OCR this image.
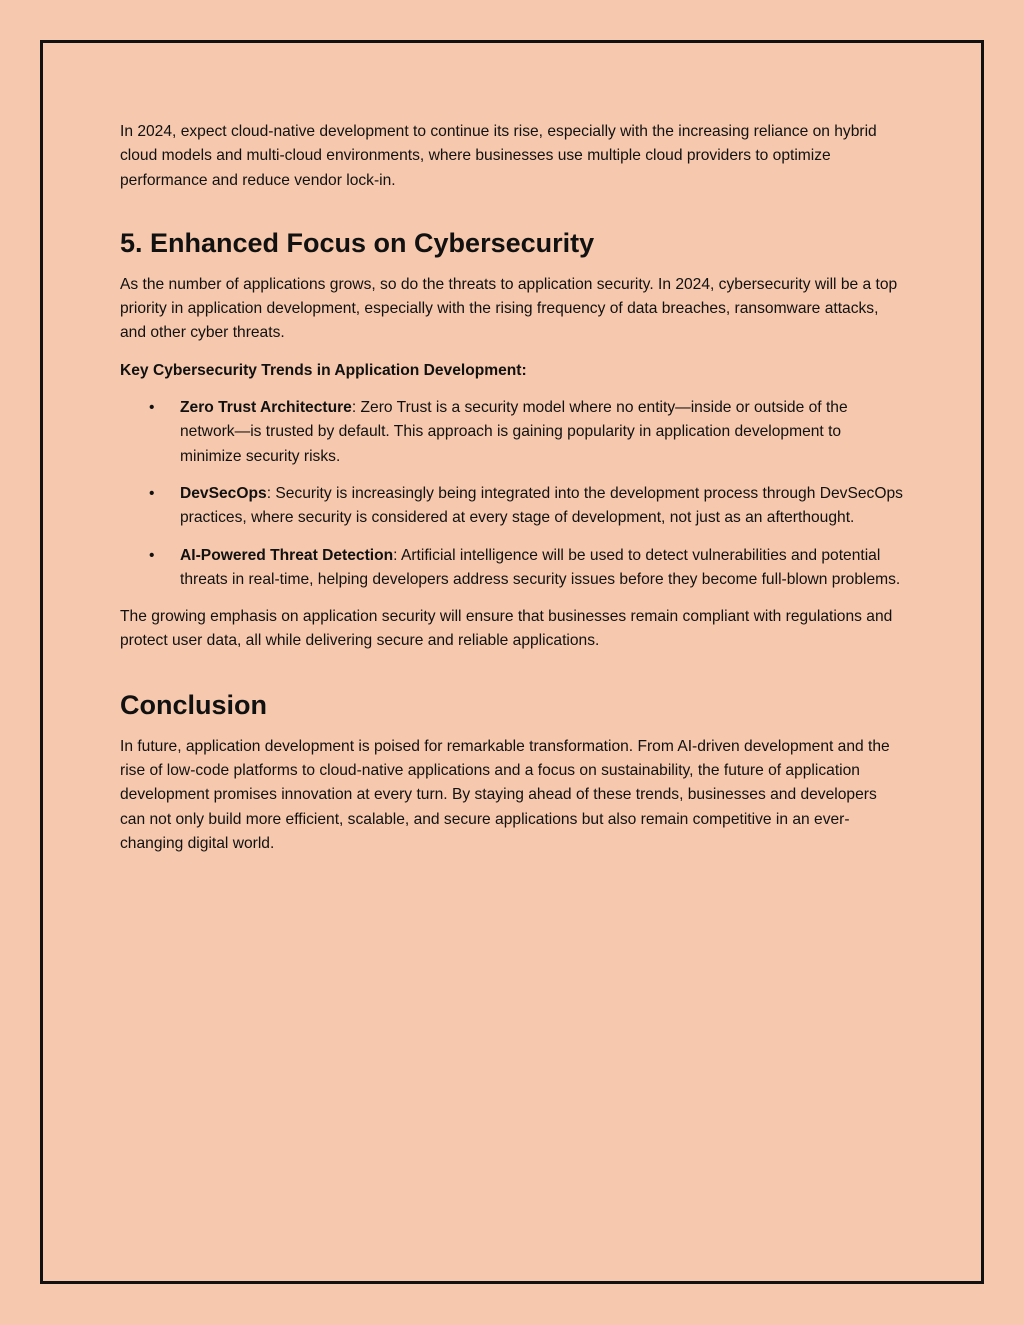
In 2024, expect cloud-native development to continue its rise, especially with the increasing reliance on hybrid cloud models and multi-cloud environments, where businesses use multiple cloud providers to optimize performance and reduce vendor lock-in.

5. Enhanced Focus on Cybersecurity

As the number of applications grows, so do the threats to application security. In 2024, cybersecurity will be a top priority in application development, especially with the rising frequency of data breaches, ransomware attacks, and other cyber threats.

Key Cybersecurity Trends in Application Development:

• Zero Trust Architecture: Zero Trust is a security model where no entity—inside or outside of the network—is trusted by default. This approach is gaining popularity in application development to minimize security risks.
• DevSecOps: Security is increasingly being integrated into the development process through DevSecOps practices, where security is considered at every stage of development, not just as an afterthought.
• AI-Powered Threat Detection: Artificial intelligence will be used to detect vulnerabilities and potential threats in real-time, helping developers address security issues before they become full-blown problems.

The growing emphasis on application security will ensure that businesses remain compliant with regulations and protect user data, all while delivering secure and reliable applications.

Conclusion

In future, application development is poised for remarkable transformation. From AI-driven development and the rise of low-code platforms to cloud-native applications and a focus on sustainability, the future of application development promises innovation at every turn. By staying ahead of these trends, businesses and developers can not only build more efficient, scalable, and secure applications but also remain competitive in an ever-changing digital world.
